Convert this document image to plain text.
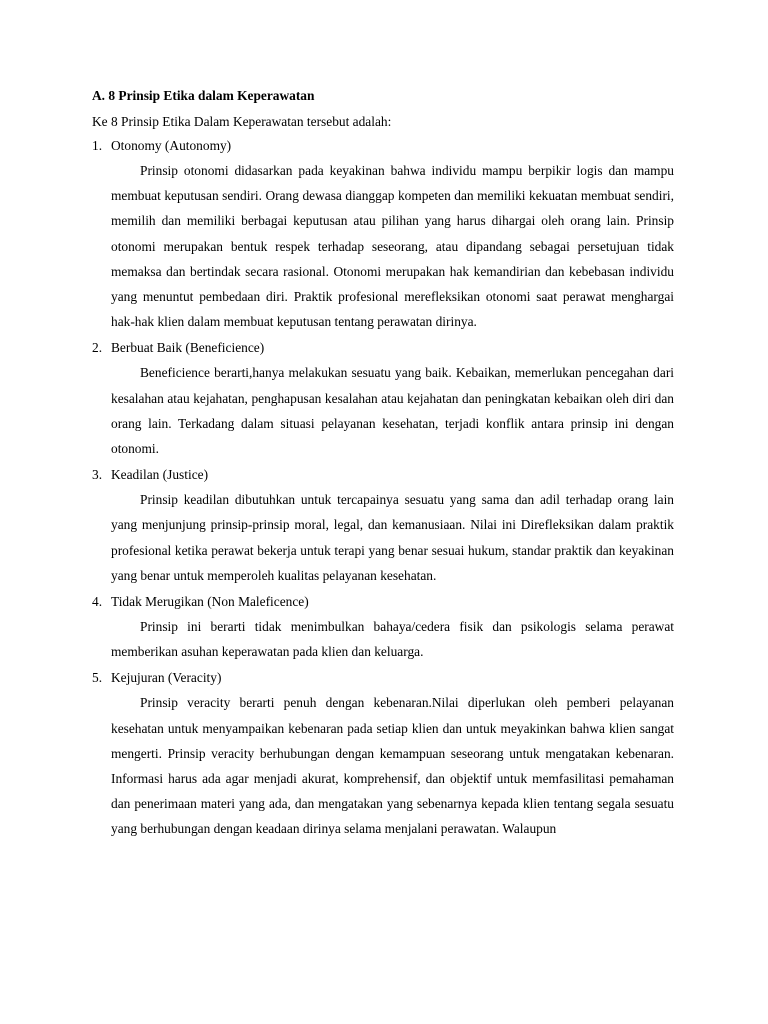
A. 8 Prinsip Etika dalam Keperawatan
Ke 8 Prinsip Etika Dalam Keperawatan tersebut adalah:
1. Otonomy (Autonomy)

Prinsip otonomi didasarkan pada keyakinan bahwa individu mampu berpikir logis dan mampu membuat keputusan sendiri. Orang dewasa dianggap kompeten dan memiliki kekuatan membuat sendiri, memilih dan memiliki berbagai keputusan atau pilihan yang harus dihargai oleh orang lain. Prinsip otonomi merupakan bentuk respek terhadap seseorang, atau dipandang sebagai persetujuan tidak memaksa dan bertindak secara rasional. Otonomi merupakan hak kemandirian dan kebebasan individu yang menuntut pembedaan diri. Praktik profesional merefleksikan otonomi saat perawat menghargai hak-hak klien dalam membuat keputusan tentang perawatan dirinya.

2. Berbuat Baik (Beneficience)

Beneficience berarti,hanya melakukan sesuatu yang baik. Kebaikan, memerlukan pencegahan dari kesalahan atau kejahatan, penghapusan kesalahan atau kejahatan dan peningkatan kebaikan oleh diri dan orang lain. Terkadang dalam situasi pelayanan kesehatan, terjadi konflik antara prinsip ini dengan otonomi.

3. Keadilan (Justice)

Prinsip keadilan dibutuhkan untuk tercapainya sesuatu yang sama dan adil terhadap orang lain yang menjunjung prinsip-prinsip moral, legal, dan kemanusiaan. Nilai ini Direfleksikan dalam praktik profesional ketika perawat bekerja untuk terapi yang benar sesuai hukum, standar praktik dan keyakinan yang benar untuk memperoleh kualitas pelayanan kesehatan.

4. Tidak Merugikan (Non Maleficence)

Prinsip ini berarti tidak menimbulkan bahaya/cedera fisik dan psikologis selama perawat memberikan asuhan keperawatan pada klien dan keluarga.

5. Kejujuran (Veracity)

Prinsip veracity berarti penuh dengan kebenaran.Nilai diperlukan oleh pemberi pelayanan kesehatan untuk menyampaikan kebenaran pada setiap klien dan untuk meyakinkan bahwa klien sangat mengerti. Prinsip veracity berhubungan dengan kemampuan seseorang untuk mengatakan kebenaran. Informasi harus ada agar menjadi akurat, komprehensif, dan objektif untuk memfasilitasi pemahaman dan penerimaan materi yang ada, dan mengatakan yang sebenarnya kepada klien tentang segala sesuatu yang berhubungan dengan keadaan dirinya selama menjalani perawatan. Walaupun
